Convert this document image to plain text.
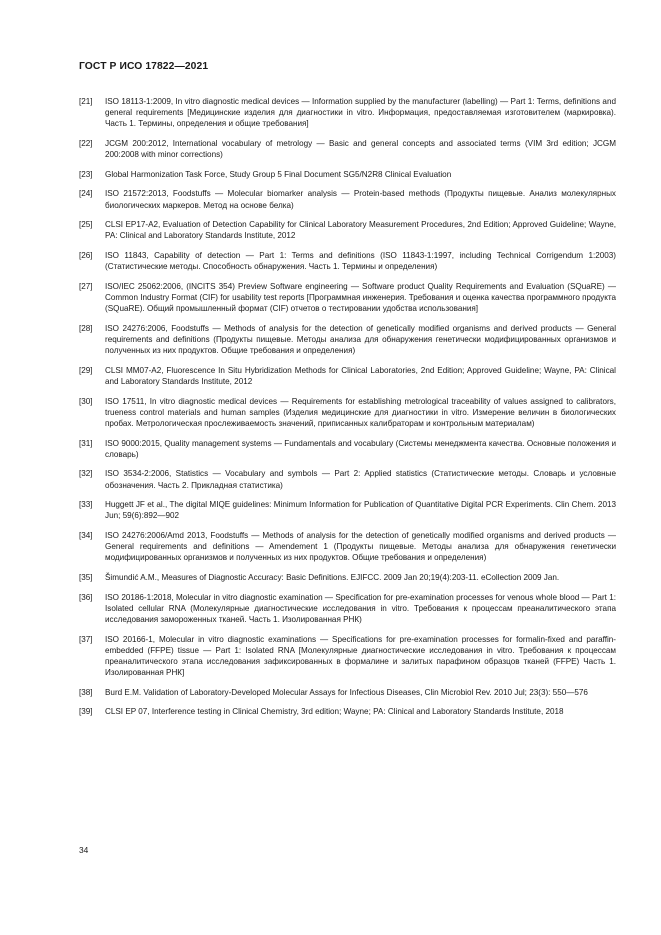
ГОСТ Р ИСО 17822—2021
[21]	ISO 18113-1:2009, In vitro diagnostic medical devices — Information supplied by the manufacturer (labelling) — Part 1: Terms, definitions and general requirements [Медицинские изделия для диагностики in vitro. Информация, предоставляемая изготовителем (маркировка). Часть 1. Термины, определения и общие требования]
[22]	JCGM 200:2012, International vocabulary of metrology — Basic and general concepts and associated terms (VIM 3rd edition; JCGM 200:2008 with minor corrections)
[23]	Global Harmonization Task Force, Study Group 5 Final Document SG5/N2R8 Clinical Evaluation
[24]	ISO 21572:2013, Foodstuffs — Molecular biomarker analysis — Protein-based methods (Продукты пищевые. Анализ молекулярных биологических маркеров. Метод на основе белка)
[25]	CLSI EP17-A2, Evaluation of Detection Capability for Clinical Laboratory Measurement Procedures, 2nd Edition; Approved Guideline; Wayne, PA: Clinical and Laboratory Standards Institute, 2012
[26]	ISO 11843, Capability of detection — Part 1: Terms and definitions (ISO 11843-1:1997, including Technical Corrigendum 1:2003) (Статистические методы. Способность обнаружения. Часть 1. Термины и определения)
[27]	ISO/IEC 25062:2006, (INCITS 354) Preview Software engineering — Software product Quality Requirements and Evaluation (SQuaRE) — Common Industry Format (CIF) for usability test reports [Программная инженерия. Требования и оценка качества программного продукта (SQuaRE). Общий промышленный формат (CIF) отчетов о тестировании удобства использования]
[28]	ISO 24276:2006, Foodstuffs — Methods of analysis for the detection of genetically modified organisms and derived products — General requirements and definitions (Продукты пищевые. Методы анализа для обнаружения генетически модифицированных организмов и полученных из них продуктов. Общие требования и определения)
[29]	CLSI MM07-A2, Fluorescence In Situ Hybridization Methods for Clinical Laboratories, 2nd Edition; Approved Guideline; Wayne, PA: Clinical and Laboratory Standards Institute, 2012
[30]	ISO 17511, In vitro diagnostic medical devices — Requirements for establishing metrological traceability of values assigned to calibrators, trueness control materials and human samples (Изделия медицинские для диагностики in vitro. Измерение величин в биологических пробах. Метрологическая прослеживаемость значений, приписанных калибраторам и контрольным материалам)
[31]	ISO 9000:2015, Quality management systems — Fundamentals and vocabulary (Системы менеджмента качества. Основные положения и словарь)
[32]	ISO 3534-2:2006, Statistics — Vocabulary and symbols — Part 2: Applied statistics (Статистические методы. Словарь и условные обозначения. Часть 2. Прикладная статистика)
[33]	Huggett JF et al., The digital MIQE guidelines: Minimum Information for Publication of Quantitative Digital PCR Experiments. Clin Chem. 2013 Jun; 59(6):892—902
[34]	ISO 24276:2006/Amd 2013, Foodstuffs — Methods of analysis for the detection of genetically modified organisms and derived products — General requirements and definitions — Amendement 1 (Продукты пищевые. Методы анализа для обнаружения генетически модифицированных организмов и полученных из них продуктов. Общие требования и определения)
[35]	Šimundić A.M., Measures of Diagnostic Accuracy: Basic Definitions. EJIFCC. 2009 Jan 20;19(4):203-11. eCollection 2009 Jan.
[36]	ISO 20186-1:2018, Molecular in vitro diagnostic examination — Specification for pre-examination processes for venous whole blood — Part 1: Isolated cellular RNA (Молекулярные диагностические исследования in vitro. Требования к процессам преаналитического этапа исследования замороженных тканей. Часть 1. Изолированная РНК)
[37]	ISO 20166-1, Molecular in vitro diagnostic examinations — Specifications for pre-examination processes for formalin-fixed and paraffin-embedded (FFPE) tissue — Part 1: Isolated RNA [Молекулярные диагностические исследования in vitro. Требования к процессам преаналитического этапа исследования зафиксированных в формалине и залитых парафином образцов тканей (FFPE) Часть 1. Изолированная РНК]
[38]	Burd E.M. Validation of Laboratory-Developed Molecular Assays for Infectious Diseases, Clin Microbiol Rev. 2010 Jul; 23(3): 550—576
[39]	CLSI EP 07, Interference testing in Clinical Chemistry, 3rd edition; Wayne; PA: Clinical and Laboratory Standards Institute, 2018
34
